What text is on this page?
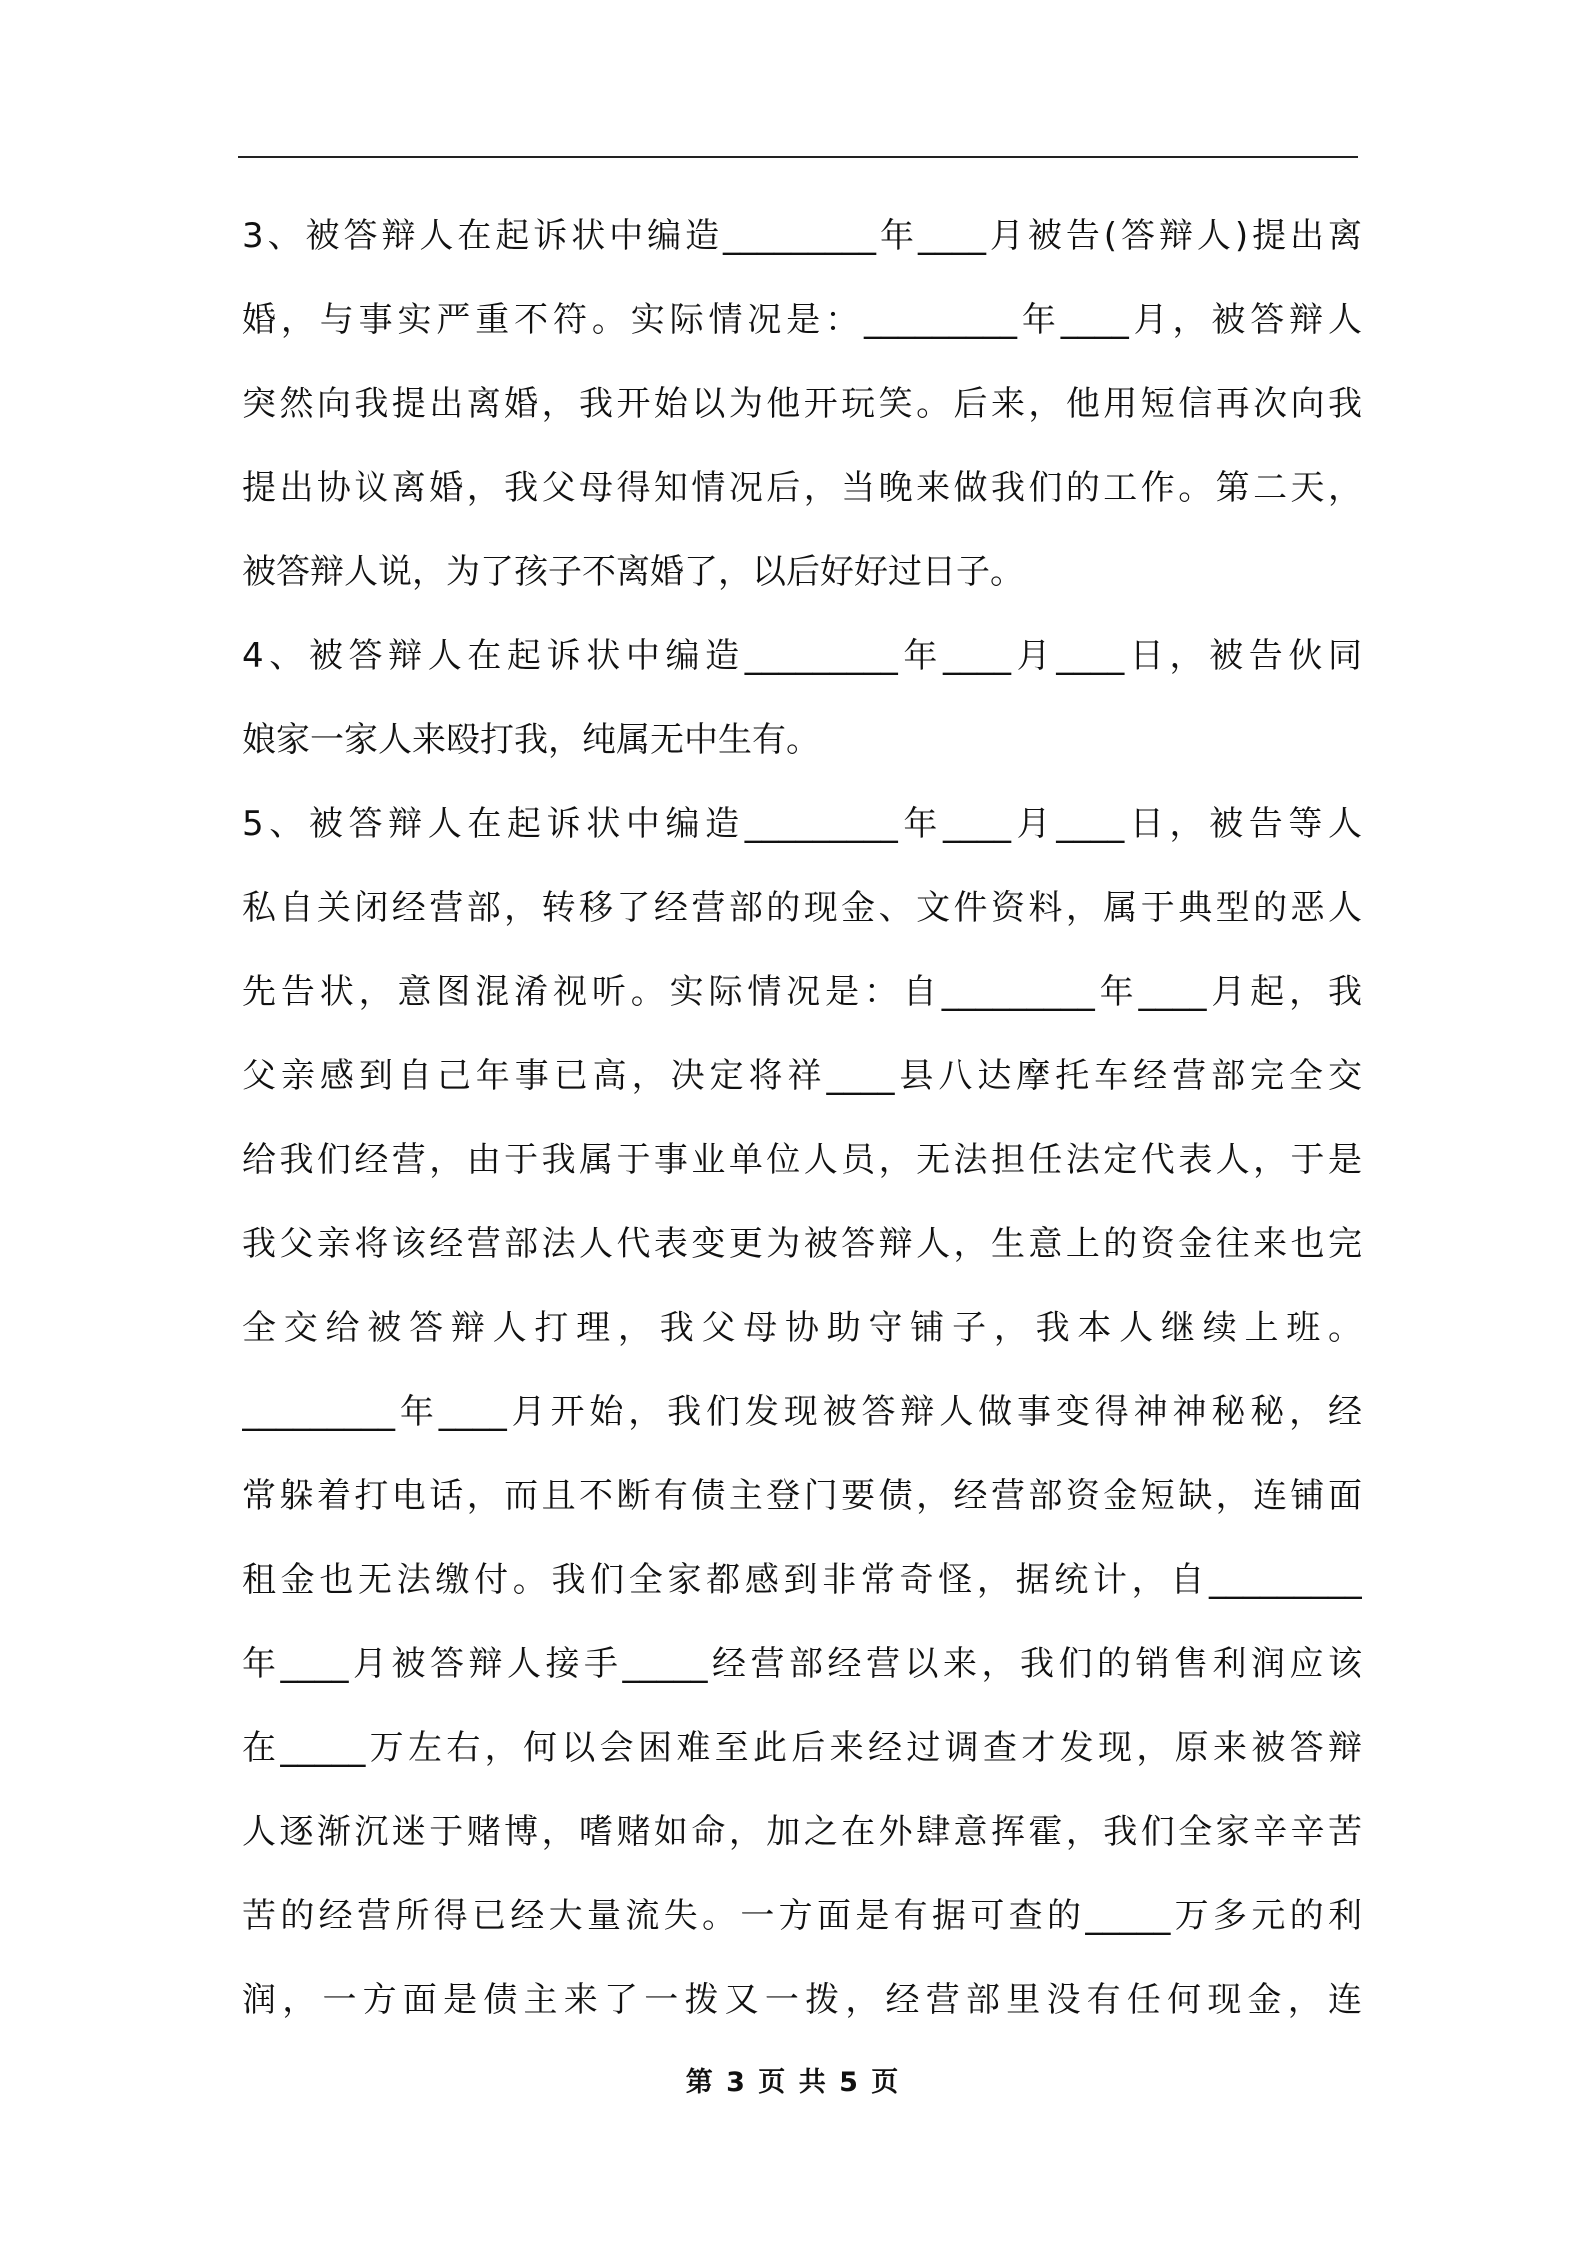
3、被答辩人在起诉状中编造_________年____月被告(答辩人)提出离
婚，与事实严重不符。实际情况是：_________年____月，被答辩人
突然向我提出离婚，我开始以为他开玩笑。后来，他用短信再次向我
提出协议离婚，我父母得知情况后，当晚来做我们的工作。第二天，
被答辩人说，为了孩子不离婚了，以后好好过日子。
4、被答辩人在起诉状中编造_________年____月____日，被告伙同
娘家一家人来殴打我，纯属无中生有。
5、被答辩人在起诉状中编造_________年____月____日，被告等人
私自关闭经营部，转移了经营部的现金、文件资料，属于典型的恶人
先告状，意图混淆视听。实际情况是：自_________年____月起，我
父亲感到自己年事已高，决定将祥____县八达摩托车经营部完全交
给我们经营，由于我属于事业单位人员，无法担任法定代表人，于是
我父亲将该经营部法人代表变更为被答辩人，生意上的资金往来也完
全交给被答辩人打理，我父母协助守铺子，我本人继续上班。
_________年____月开始，我们发现被答辩人做事变得神神秘秘，经
常躲着打电话，而且不断有债主登门要债，经营部资金短缺，连铺面
租金也无法缴付。我们全家都感到非常奇怪，据统计，自_________
年____月被答辩人接手_____经营部经营以来，我们的销售利润应该
在_____万左右，何以会困难至此后来经过调查才发现，原来被答辩
人逐渐沉迷于赌博，嗜赌如命，加之在外肆意挥霍，我们全家辛辛苦
苦的经营所得已经大量流失。一方面是有据可查的_____万多元的利
润，一方面是债主来了一拨又一拨，经营部里没有任何现金，连
第 3 页 共 5 页
